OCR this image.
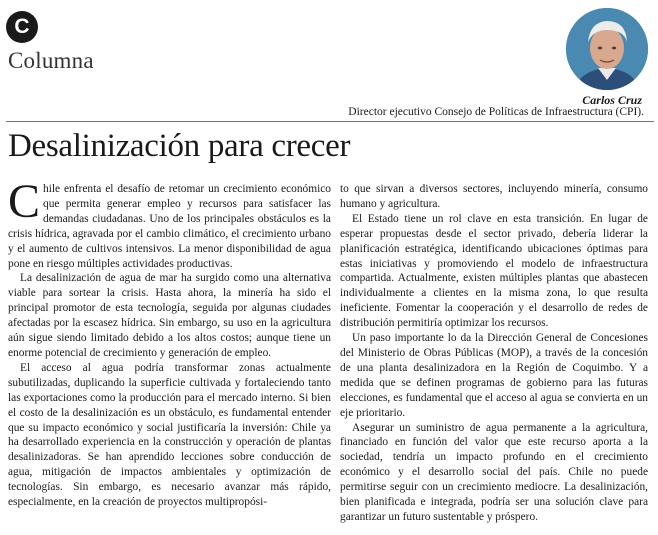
C
Columna
Carlos Cruz
Director ejecutivo Consejo de Políticas de Infraestructura (CPI).
Desalinización para crecer

Chile enfrenta el desafío de retomar un crecimiento económico que permita generar empleo y recursos para satisfacer las demandas ciudadanas. Uno de los principales obstáculos es la crisis hídrica, agravada por el cambio climático, el crecimiento urbano y el aumento de cultivos intensivos. La menor disponibilidad de agua pone en riesgo múltiples actividades productivas.

La desalinización de agua de mar ha surgido como una alternativa viable para sortear la crisis. Hasta ahora, la minería ha sido el principal promotor de esta tecnología, seguida por algunas ciudades afectadas por la escasez hídrica. Sin embargo, su uso en la agricultura aún sigue siendo limitado debido a los altos costos; aunque tiene un enorme potencial de crecimiento y generación de empleo.

El acceso al agua podría transformar zonas actualmente subutilizadas, duplicando la superficie cultivada y fortaleciendo tanto las exportaciones como la producción para el mercado interno. Si bien el costo de la desalinización es un obstáculo, es fundamental entender que su impacto económico y social justificaría la inversión: Chile ya ha desarrollado experiencia en la construcción y operación de plantas desalinizadoras. Se han aprendido lecciones sobre conducción de agua, mitigación de impactos ambientales y optimización de tecnologías. Sin embargo, es necesario avanzar más rápido, especialmente, en la creación de proyectos multipropósi-

to que sirvan a diversos sectores, incluyendo minería, consumo humano y agricultura.

El Estado tiene un rol clave en esta transición. En lugar de esperar propuestas desde el sector privado, debería liderar la planificación estratégica, identificando ubicaciones óptimas para estas iniciativas y promoviendo el modelo de infraestructura compartida. Actualmente, existen múltiples plantas que abastecen individualmente a clientes en la misma zona, lo que resulta ineficiente. Fomentar la cooperación y el desarrollo de redes de distribución permitiría optimizar los recursos.

Un paso importante lo da la Dirección General de Concesiones del Ministerio de Obras Públicas (MOP), a través de la concesión de una planta desalinizadora en la Región de Coquimbo. Y a medida que se definen programas de gobierno para las futuras elecciones, es fundamental que el acceso al agua se convierta en un eje prioritario.

Asegurar un suministro de agua permanente a la agricultura, financiado en función del valor que este recurso aporta a la sociedad, tendría un impacto profundo en el crecimiento económico y el desarrollo social del país. Chile no puede permitirse seguir con un crecimiento mediocre. La desalinización, bien planificada e integrada, podría ser una solución clave para garantizar un futuro sustentable y próspero.
